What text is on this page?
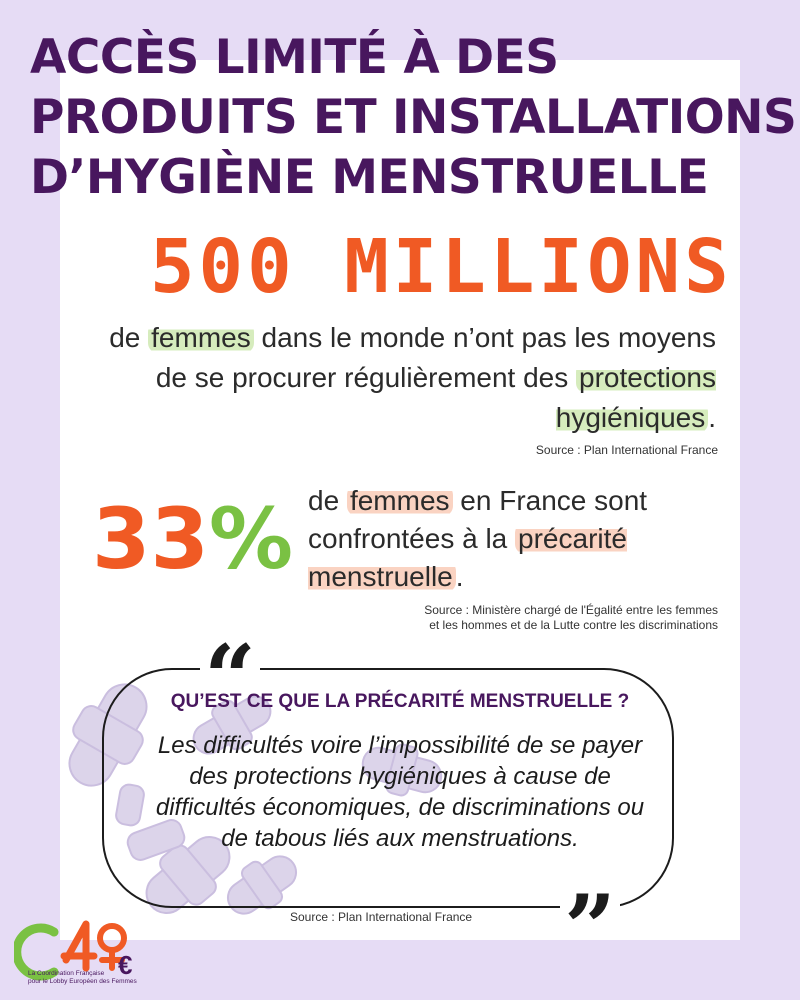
ACCÈS LIMITÉ À DES
PRODUITS ET INSTALLATIONS
D’HYGIÈNE MENSTRUELLE
500 MILLIONS
de femmes dans le monde n’ont pas les moyens de se procurer régulièrement des protections hygiéniques .
Source : Plan International France
33% de femmes en France sont confrontées à la précarité menstruelle .
Source : Ministère chargé de l'Égalité entre les femmes
et les hommes et de la Lutte contre les discriminations
“
”
QU’EST CE QUE LA PRÉCARITÉ MENSTRUELLE ?
Les difficultés voire l’impossibilité de se payer des protections hygiéniques à cause de difficultés économiques, de discriminations ou de tabous liés aux menstruations.
Source : Plan International France
€
La Coordination Française
pour le Lobby Européen des Femmes
